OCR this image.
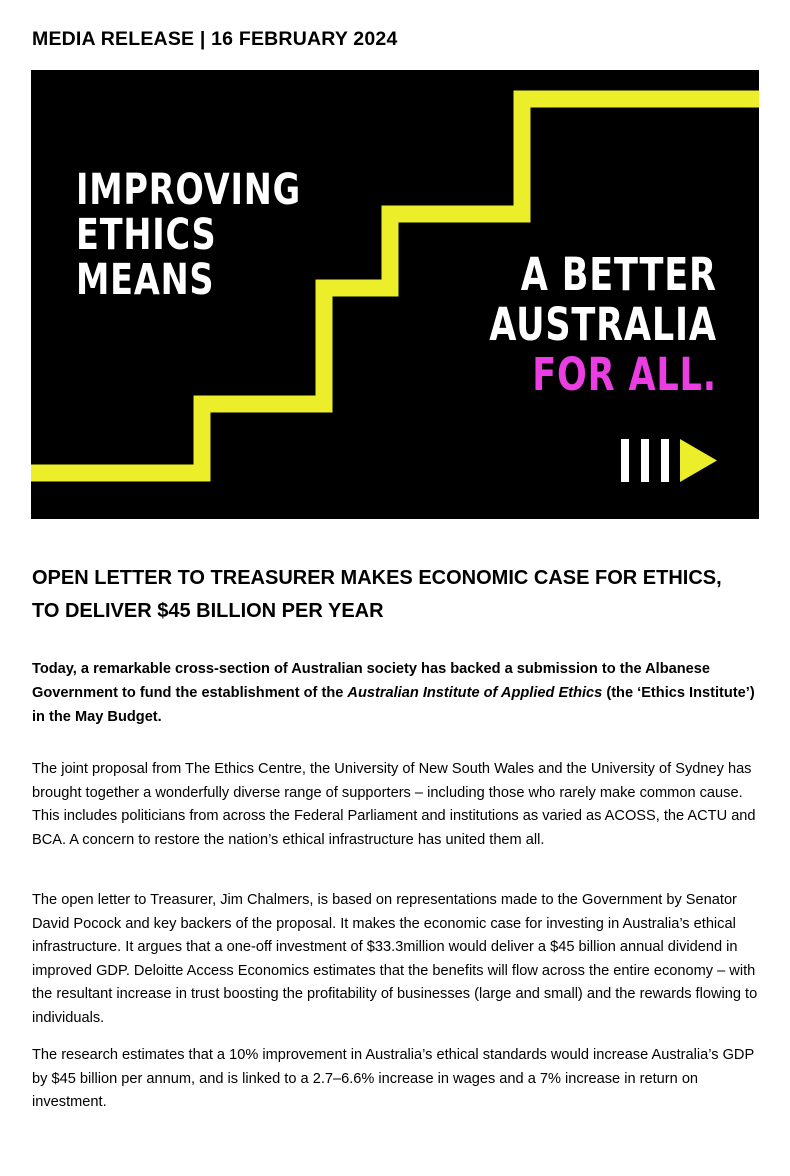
MEDIA RELEASE | 16 FEBRUARY 2024
IMPROVING
ETHICS
MEANS	A BETTER
AUSTRALIA
FOR ALL.
OPEN LETTER TO TREASURER MAKES ECONOMIC CASE FOR ETHICS,
TO DELIVER $45 BILLION PER YEAR
Today, a remarkable cross-section of Australian society has backed a submission to the Albanese Government to fund the establishment of the Australian Institute of Applied Ethics (the ‘Ethics Institute’) in the May Budget.
The joint proposal from The Ethics Centre, the University of New South Wales and the University of Sydney has brought together a wonderfully diverse range of supporters – including those who rarely make common cause. This includes politicians from across the Federal Parliament and institutions as varied as ACOSS, the ACTU and BCA. A concern to restore the nation’s ethical infrastructure has united them all.
The open letter to Treasurer, Jim Chalmers, is based on representations made to the Government by Senator David Pocock and key backers of the proposal. It makes the economic case for investing in Australia’s ethical infrastructure. It argues that a one-off investment of $33.3million would deliver a $45 billion annual dividend in improved GDP. Deloitte Access Economics estimates that the benefits will flow across the entire economy – with the resultant increase in trust boosting the profitability of businesses (large and small) and the rewards flowing to individuals.
The research estimates that a 10% improvement in Australia’s ethical standards would increase Australia’s GDP by $45 billion per annum, and is linked to a 2.7–6.6% increase in wages and a 7% increase in return on investment.
